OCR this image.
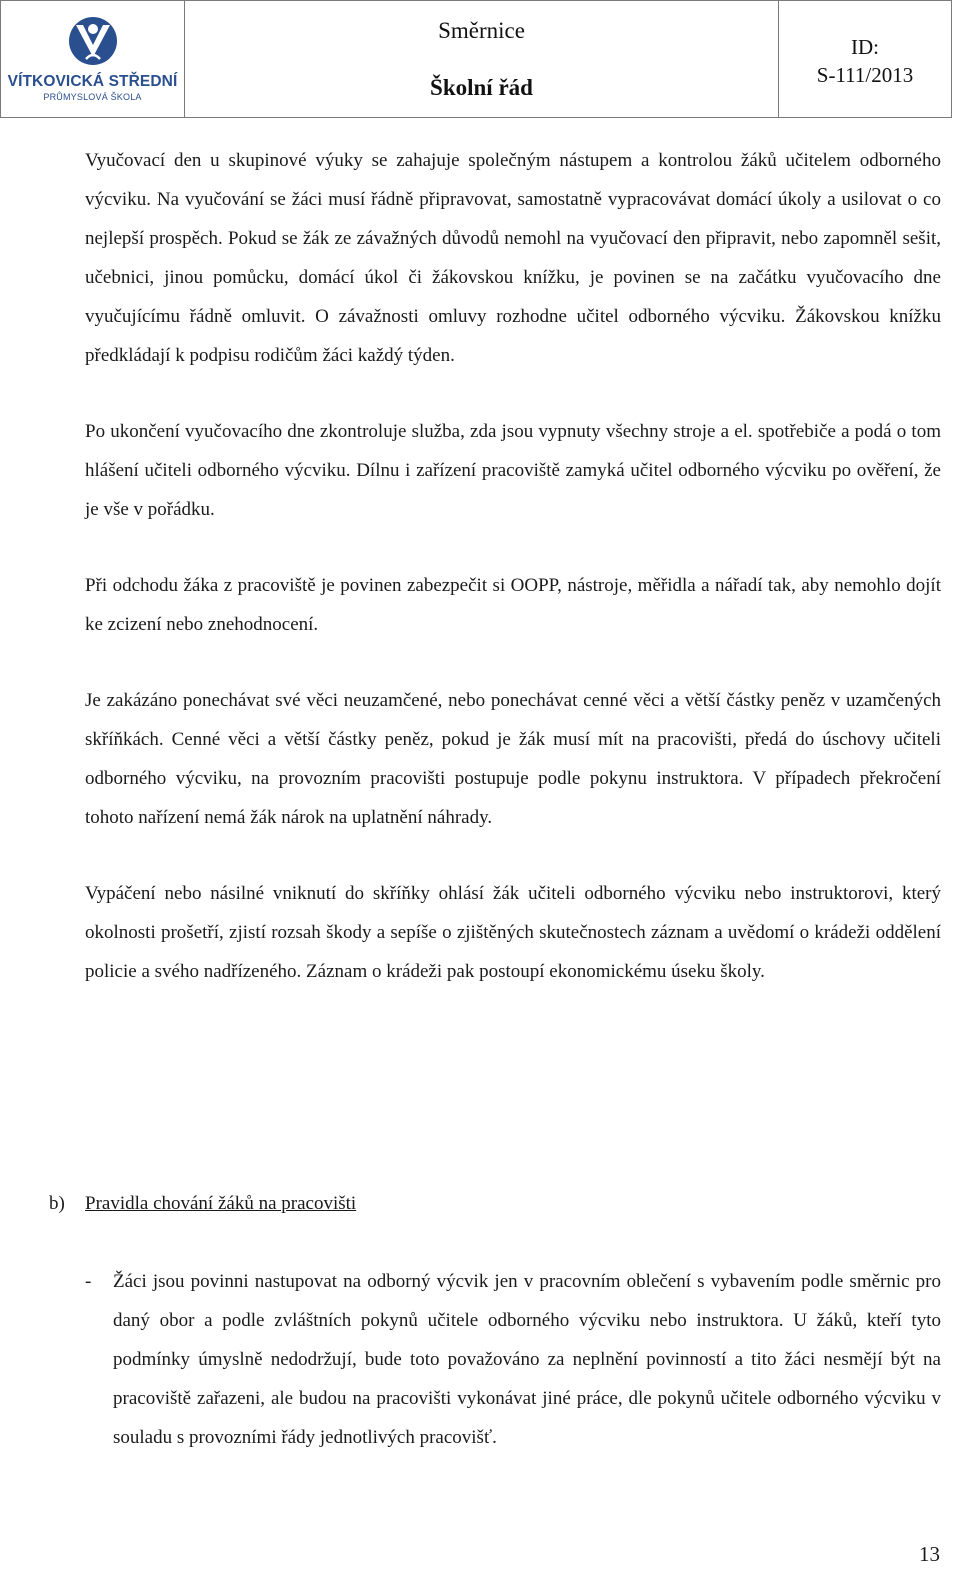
VÍTKOVICKÁ STŘEDNÍ
PRŮMYSLOVÁ ŠKOLA
Směrnice
Školní řád
ID:
S-111/2013

Vyučovací den u skupinové výuky se zahajuje společným nástupem a kontrolou žáků učitelem odborného výcviku. Na vyučování se žáci musí řádně připravovat, samostatně vypracovávat domácí úkoly a usilovat o co nejlepší prospěch. Pokud se žák ze závažných důvodů nemohl na vyučovací den připravit, nebo zapomněl sešit, učebnici, jinou pomůcku, domácí úkol či žákovskou knížku, je povinen se na začátku vyučovacího dne vyučujícímu řádně omluvit. O závažnosti omluvy rozhodne učitel odborného výcviku. Žákovskou knížku předkládají k podpisu rodičům žáci každý týden.

Po ukončení vyučovacího dne zkontroluje služba, zda jsou vypnuty všechny stroje a el. spotřebiče a podá o tom hlášení učiteli odborného výcviku. Dílnu i zařízení pracoviště zamyká učitel odborného výcviku po ověření, že je vše v pořádku.

Při odchodu žáka z pracoviště je povinen zabezpečit si OOPP, nástroje, měřidla a nářadí tak, aby nemohlo dojít ke zcizení nebo znehodnocení.

Je zakázáno ponechávat své věci neuzamčené, nebo ponechávat cenné věci a větší částky peněz v uzamčených skříňkách. Cenné věci a větší částky peněz, pokud je žák musí mít na pracovišti, předá do úschovy učiteli odborného výcviku, na provozním pracovišti postupuje podle pokynu instruktora. V případech překročení tohoto nařízení nemá žák nárok na uplatnění náhrady.

Vypáčení nebo násilné vniknutí do skříňky ohlásí žák učiteli odborného výcviku nebo instruktorovi, který okolnosti prošetří, zjistí rozsah škody a sepíše o zjištěných skutečnostech záznam a uvědomí o krádeži oddělení policie a svého nadřízeného. Záznam o krádeži pak postoupí ekonomickému úseku školy.

b) Pravidla chování žáků na pracovišti
-	Žáci jsou povinni nastupovat na odborný výcvik jen v pracovním oblečení s vybavením podle směrnic pro daný obor a podle zvláštních pokynů učitele odborného výcviku nebo instruktora. U žáků, kteří tyto podmínky úmyslně nedodržují, bude toto považováno za neplnění povinností a tito žáci nesmějí být na pracoviště zařazeni, ale budou na pracovišti vykonávat jiné práce, dle pokynů učitele odborného výcviku v souladu s provozními řády jednotlivých pracovišť.
13
